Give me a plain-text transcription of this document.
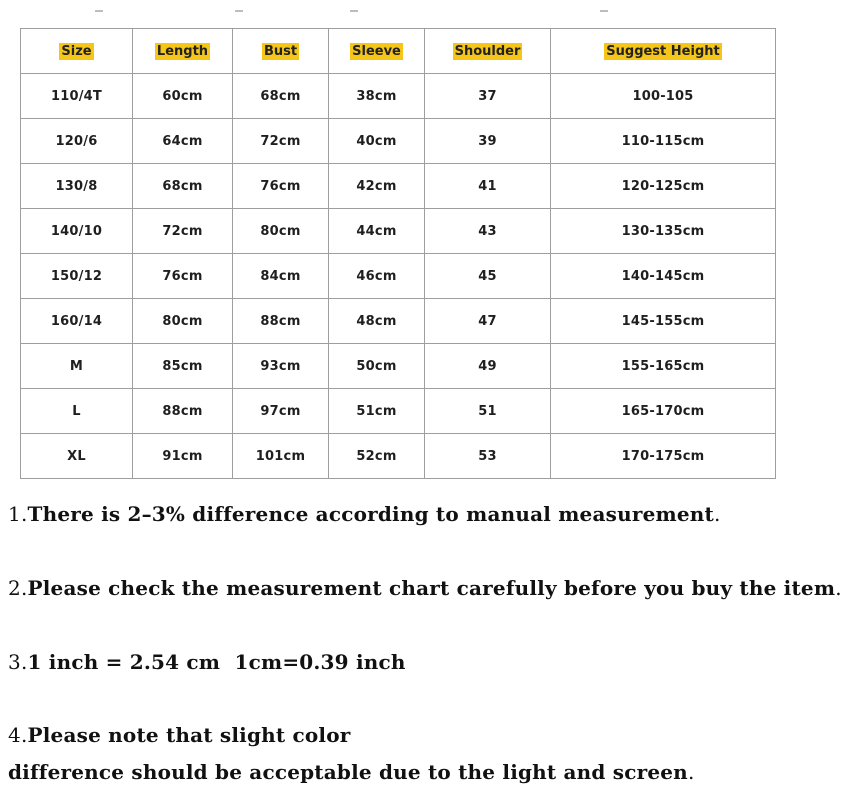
Size	Length	Bust	Sleeve	Shoulder	Suggest Height
110/4T	60cm	68cm	38cm	37	100-105
120/6	64cm	72cm	40cm	39	110-115cm
130/8	68cm	76cm	42cm	41	120-125cm
140/10	72cm	80cm	44cm	43	130-135cm
150/12	76cm	84cm	46cm	45	140-145cm
160/14	80cm	88cm	48cm	47	145-155cm
M	85cm	93cm	50cm	49	155-165cm
L	88cm	97cm	51cm	51	165-170cm
XL	91cm	101cm	52cm	53	170-175cm
1.There is 2–3% difference according to manual measurement.
2.Please check the measurement chart carefully before you buy the item.
3.1 inch = 2.54 cm  1cm=0.39 inch
4.Please note that slight color
difference should be acceptable due to the light and screen.
